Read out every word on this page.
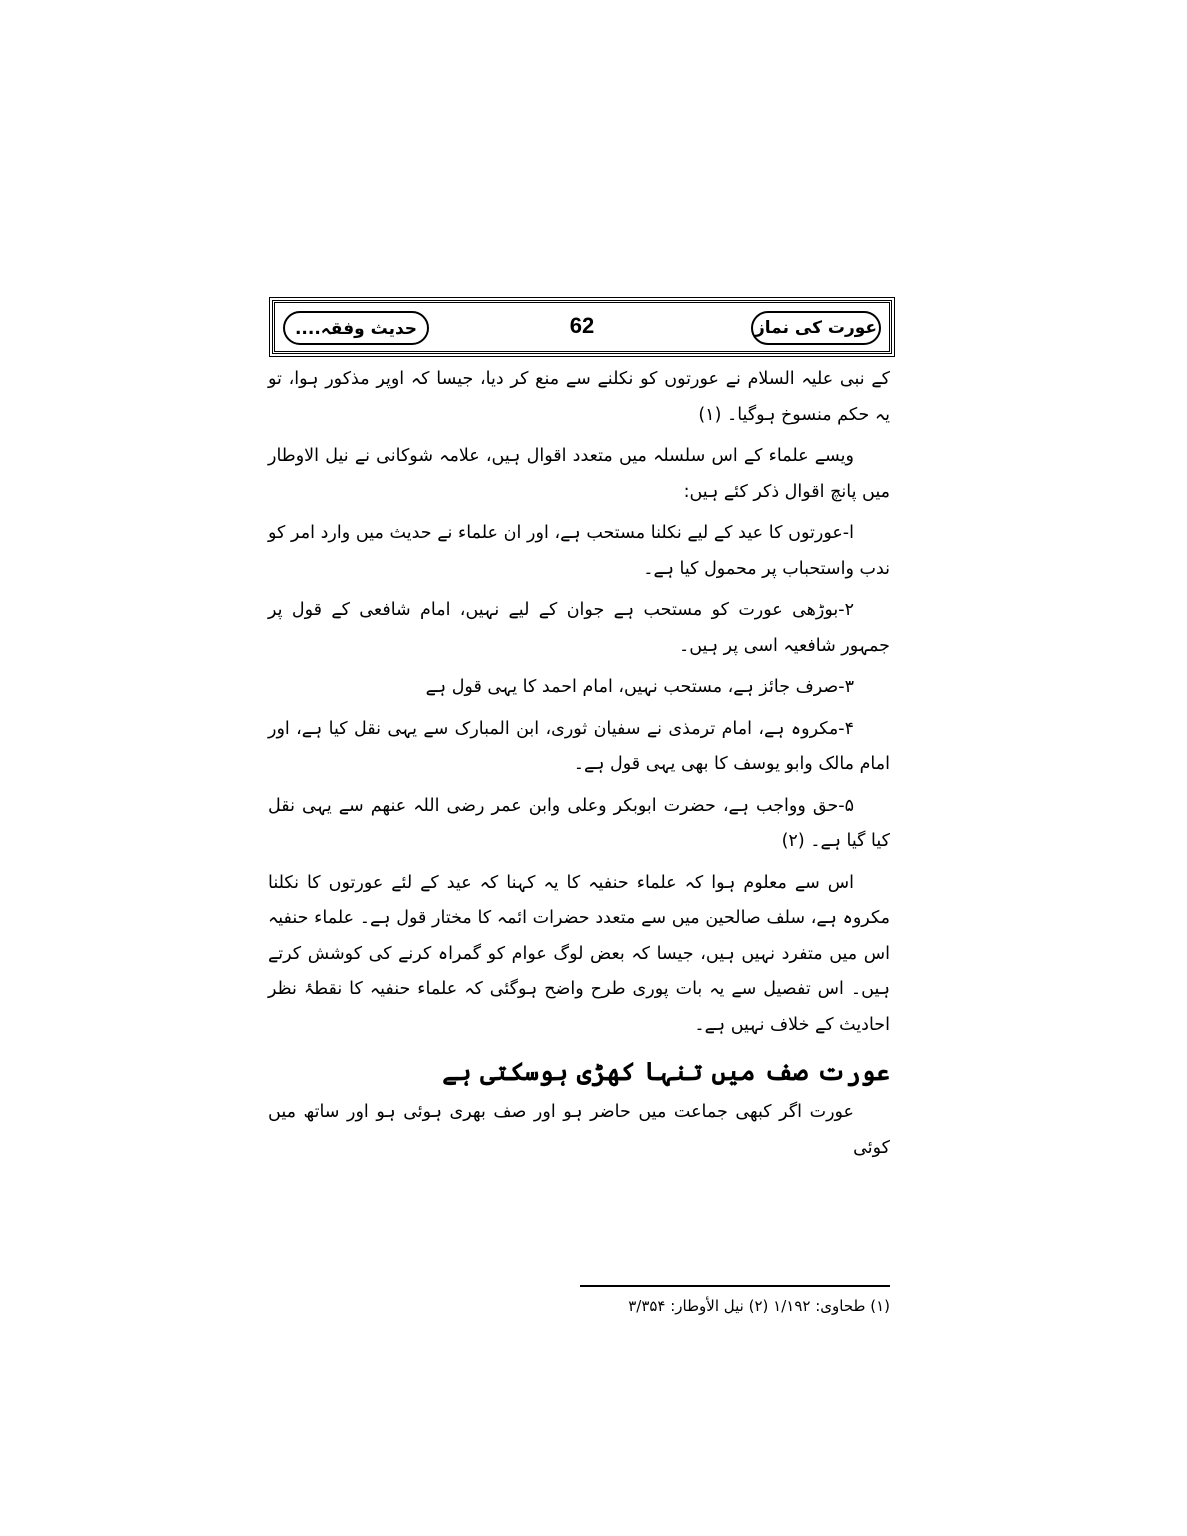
عورت کی نماز
62
حدیث وفقہ....

کے نبی علیہ السلام نے عورتوں کو نکلنے سے منع کر دیا، جیسا کہ اوپر مذکور ہوا، تو یہ حکم منسوخ ہوگیا۔ (۱)

ویسے علماء کے اس سلسلہ میں متعدد اقوال ہیں، علامہ شوکانی نے نیل الاوطار میں پانچ اقوال ذکر کئے ہیں:

ا-عورتوں کا عید کے لیے نکلنا مستحب ہے، اور ان علماء نے حدیث میں وارد امر کو ندب واستحباب پر محمول کیا ہے۔

۲-بوڑھی عورت کو مستحب ہے جوان کے لیے نہیں، امام شافعی کے قول پر جمہور شافعیہ اسی پر ہیں۔

۳-صرف جائز ہے، مستحب نہیں، امام احمد کا یہی قول ہے

۴-مکروہ ہے، امام ترمذی نے سفیان ثوری، ابن المبارک سے یہی نقل کیا ہے، اور امام مالک وابو یوسف کا بھی یہی قول ہے۔

۵-حق وواجب ہے، حضرت ابوبکر وعلی وابن عمر رضی اللہ عنھم سے یہی نقل کیا گیا ہے۔ (۲)

اس سے معلوم ہوا کہ علماء حنفیہ کا یہ کہنا کہ عید کے لئے عورتوں کا نکلنا مکروہ ہے، سلف صالحین میں سے متعدد حضرات ائمہ کا مختار قول ہے۔ علماء حنفیہ اس میں متفرد نہیں ہیں، جیسا کہ بعض لوگ عوام کو گمراہ کرنے کی کوشش کرتے ہیں۔ اس تفصیل سے یہ بات پوری طرح واضح ہوگئی کہ علماء حنفیہ کا نقطۂ نظر احادیث کے خلاف نہیں ہے۔

عورت صف میں تنہا کھڑی ہوسکتی ہے

عورت اگر کبھی جماعت میں حاضر ہو اور صف بھری ہوئی ہو اور ساتھ میں کوئی

(۱) طحاوی: ۱/۱۹۲ (۲) نیل الأوطار: ۳/۳۵۴
